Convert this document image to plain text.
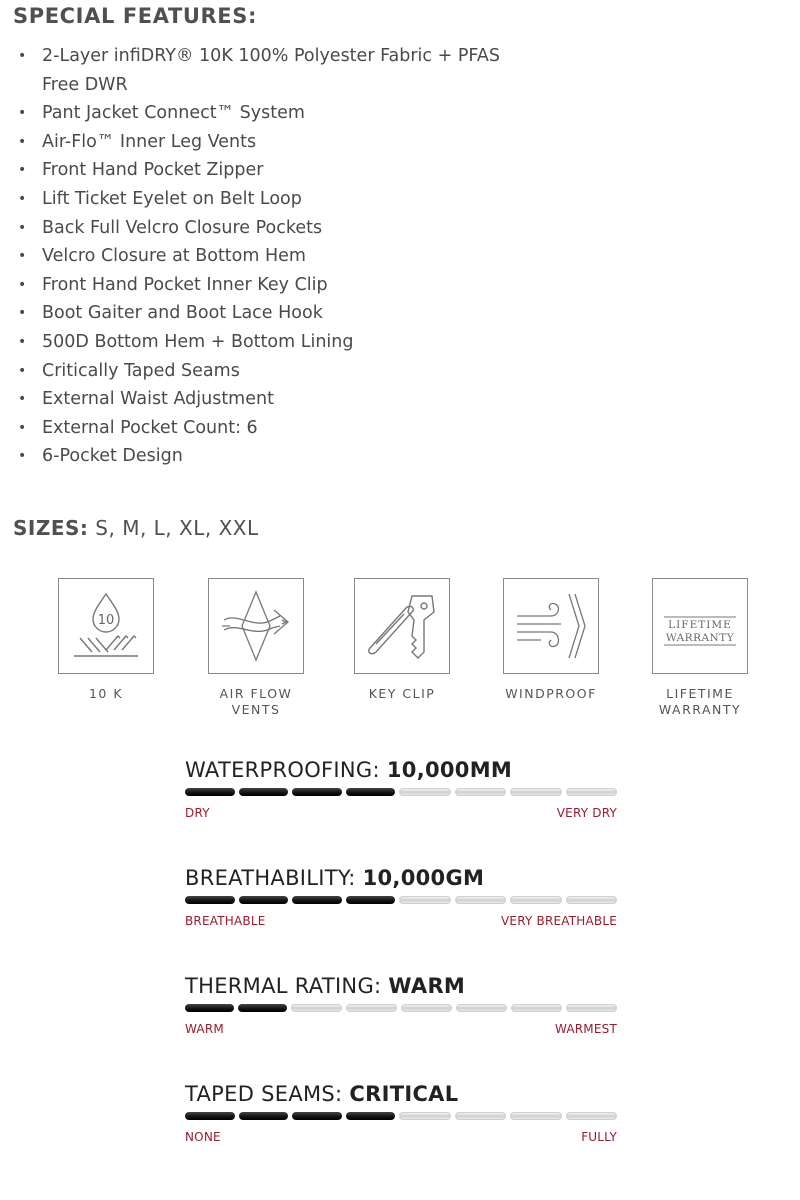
SPECIAL FEATURES:
• 2-Layer infiDRY® 10K 100% Polyester Fabric + PFAS Free DWR
• Pant Jacket Connect™ System
• Air-Flo™ Inner Leg Vents
• Front Hand Pocket Zipper
• Lift Ticket Eyelet on Belt Loop
• Back Full Velcro Closure Pockets
• Velcro Closure at Bottom Hem
• Front Hand Pocket Inner Key Clip
• Boot Gaiter and Boot Lace Hook
• 500D Bottom Hem + Bottom Lining
• Critically Taped Seams
• External Waist Adjustment
• External Pocket Count: 6
• 6-Pocket Design
SIZES: S, M, L, XL, XXL
10
10 K	AIR FLOW VENTS
KEY CLIP	WINDPROOF
LIFETIME
WARRANTY
LIFETIME WARRANTY
WATERPROOFING: 10,000MM
DRY	VERY DRY
BREATHABILITY: 10,000GM
BREATHABLE	VERY BREATHABLE
THERMAL RATING: WARM
WARM	WARMEST
TAPED SEAMS: CRITICAL
NONE	FULLY
